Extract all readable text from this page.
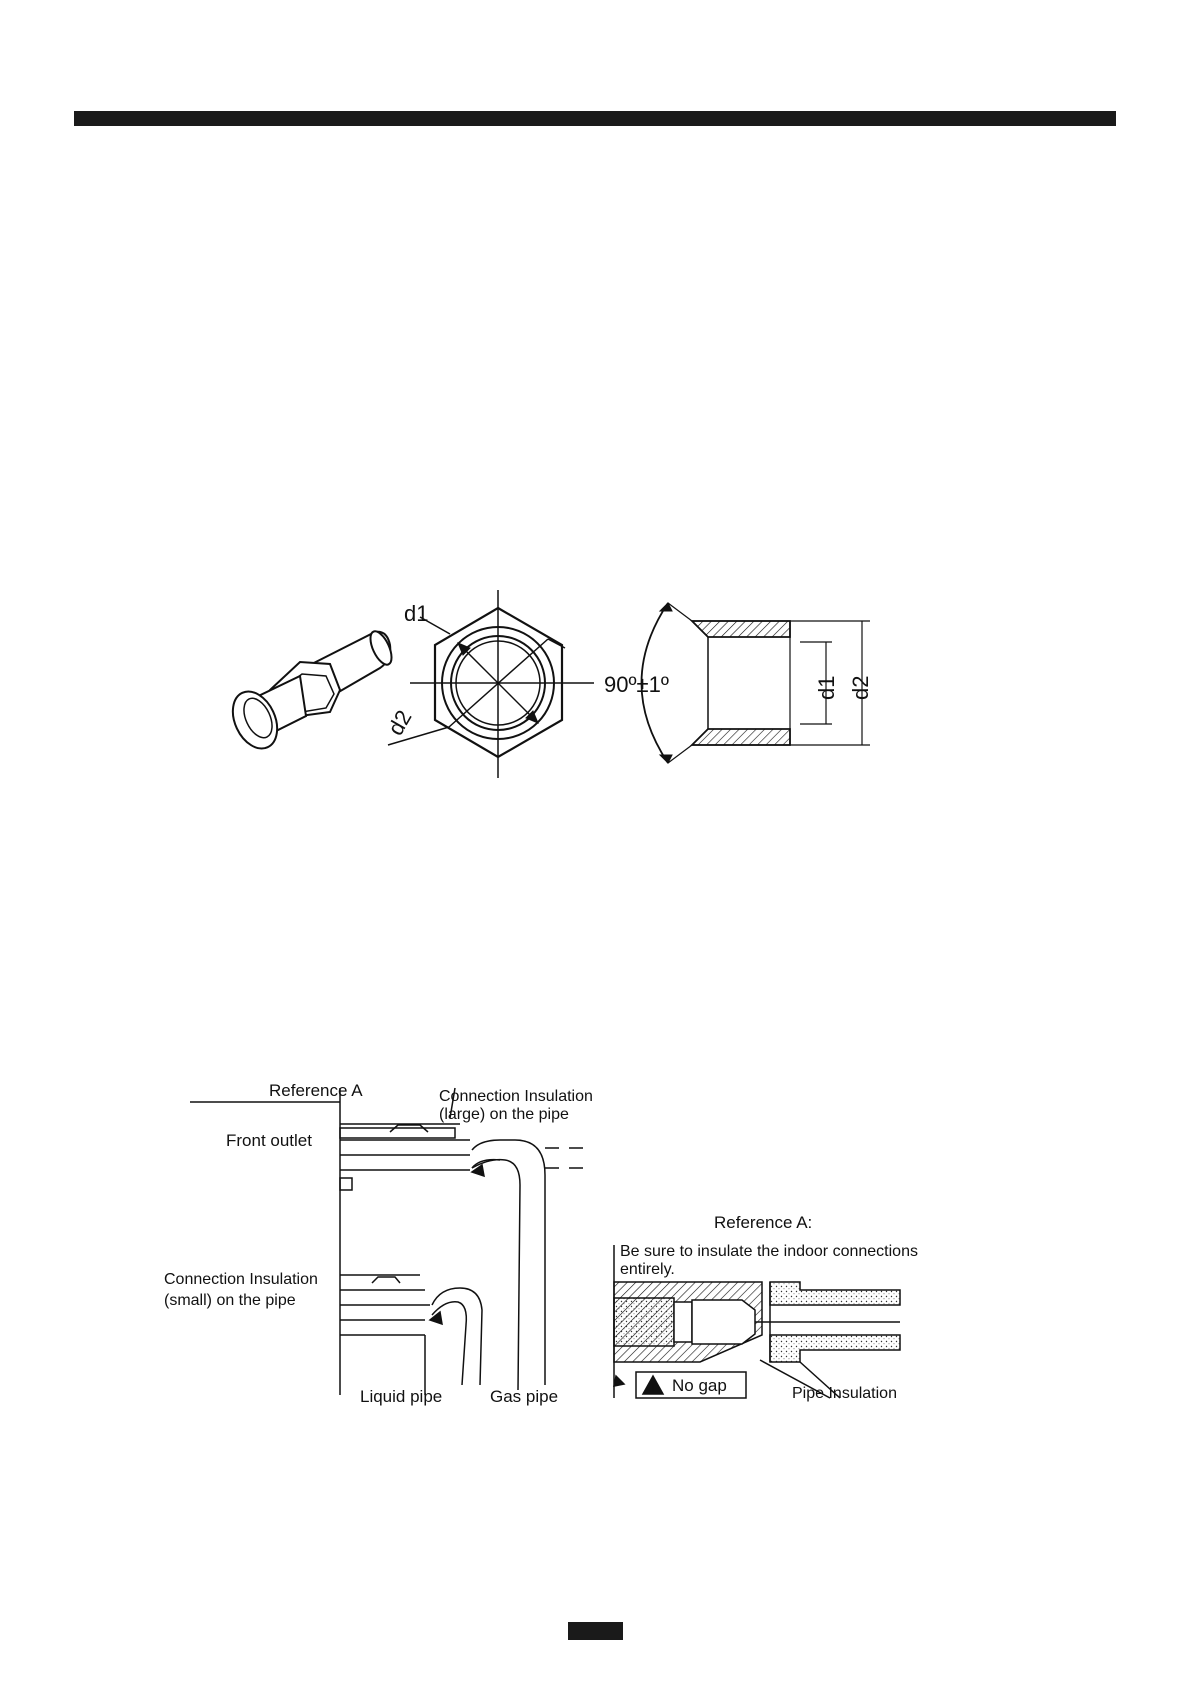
d1
d2
90º±1º	d1 d2
Reference A	Connection Insulation
(large) on the pipe
Front outlet
Connection Insulation
(small) on the pipe
Liquid pipe	Gas pipe
Reference A:
Be sure to insulate the indoor connections
entirely.
! No gap	Pipe Insulation
